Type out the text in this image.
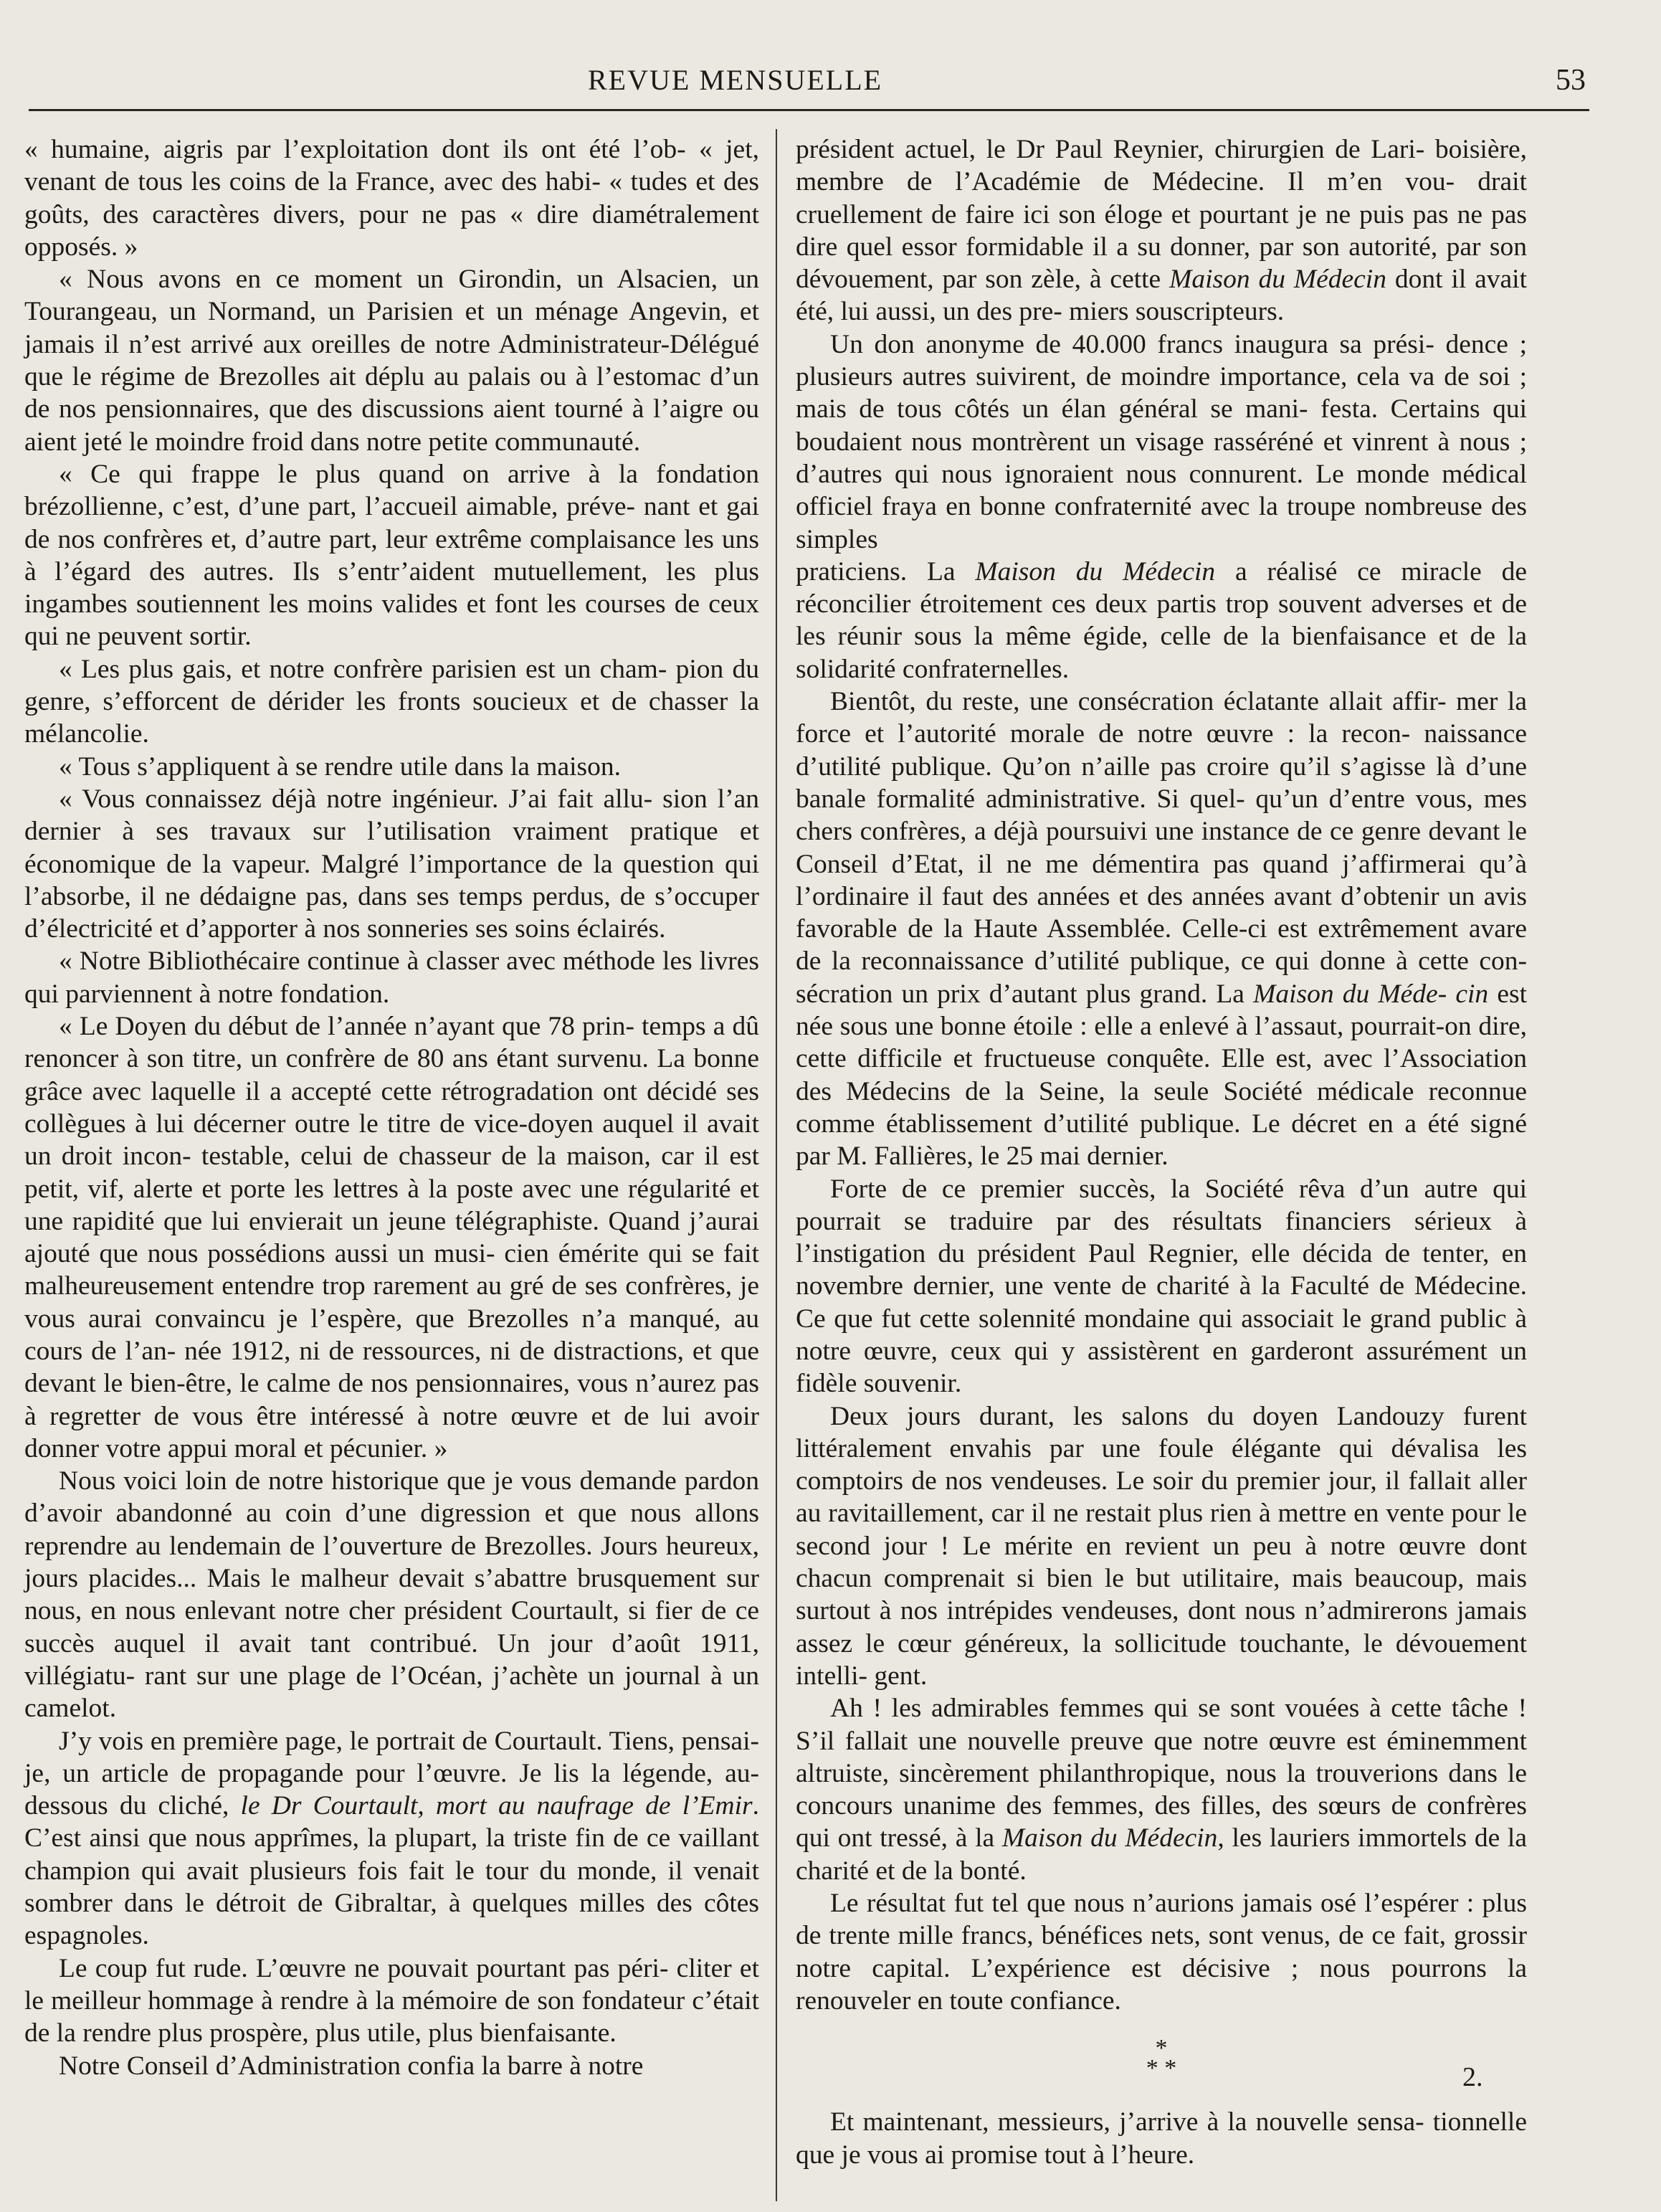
REVUE MENSUELLE	53

« humaine, aigris par l’exploitation dont ils ont été l’ob- « jet, venant de tous les coins de la France, avec des habi- « tudes et des goûts, des caractères divers, pour ne pas « dire diamétralement opposés. »

« Nous avons en ce moment un Girondin, un Alsacien, un Tourangeau, un Normand, un Parisien et un ménage Angevin, et jamais il n’est arrivé aux oreilles de notre Administrateur-Délégué que le régime de Brezolles ait déplu au palais ou à l’estomac d’un de nos pensionnaires, que des discussions aient tourné à l’aigre ou aient jeté le moindre froid dans notre petite communauté.

« Ce qui frappe le plus quand on arrive à la fondation brézollienne, c’est, d’une part, l’accueil aimable, préve- nant et gai de nos confrères et, d’autre part, leur extrême complaisance les uns à l’égard des autres. Ils s’entr’aident mutuellement, les plus ingambes soutiennent les moins valides et font les courses de ceux qui ne peuvent sortir.

« Les plus gais, et notre confrère parisien est un cham- pion du genre, s’efforcent de dérider les fronts soucieux et de chasser la mélancolie.

« Tous s’appliquent à se rendre utile dans la maison.

« Vous connaissez déjà notre ingénieur. J’ai fait allu- sion l’an dernier à ses travaux sur l’utilisation vraiment pratique et économique de la vapeur. Malgré l’importance de la question qui l’absorbe, il ne dédaigne pas, dans ses temps perdus, de s’occuper d’électricité et d’apporter à nos sonneries ses soins éclairés.

« Notre Bibliothécaire continue à classer avec méthode les livres qui parviennent à notre fondation.

« Le Doyen du début de l’année n’ayant que 78 prin- temps a dû renoncer à son titre, un confrère de 80 ans étant survenu. La bonne grâce avec laquelle il a accepté cette rétrogradation ont décidé ses collègues à lui décerner outre le titre de vice-doyen auquel il avait un droit incon- testable, celui de chasseur de la maison, car il est petit, vif, alerte et porte les lettres à la poste avec une régularité et une rapidité que lui envierait un jeune télégraphiste. Quand j’aurai ajouté que nous possédions aussi un musi- cien émérite qui se fait malheureusement entendre trop rarement au gré de ses confrères, je vous aurai convaincu je l’espère, que Brezolles n’a manqué, au cours de l’an- née 1912, ni de ressources, ni de distractions, et que devant le bien-être, le calme de nos pensionnaires, vous n’aurez pas à regretter de vous être intéressé à notre œuvre et de lui avoir donner votre appui moral et pécunier. »

Nous voici loin de notre historique que je vous demande pardon d’avoir abandonné au coin d’une digression et que nous allons reprendre au lendemain de l’ouverture de Brezolles. Jours heureux, jours placides... Mais le malheur devait s’abattre brusquement sur nous, en nous enlevant notre cher président Courtault, si fier de ce succès auquel il avait tant contribué. Un jour d’août 1911, villégiatu- rant sur une plage de l’Océan, j’achète un journal à un camelot.

J’y vois en première page, le portrait de Courtault. Tiens, pensai-je, un article de propagande pour l’œuvre. Je lis la légende, au-dessous du cliché, le Dr Courtault, mort au naufrage de l’Emir. C’est ainsi que nous apprîmes, la plupart, la triste fin de ce vaillant champion qui avait plusieurs fois fait le tour du monde, il venait sombrer dans le détroit de Gibraltar, à quelques milles des côtes espagnoles.

Le coup fut rude. L’œuvre ne pouvait pourtant pas péri- cliter et le meilleur hommage à rendre à la mémoire de son fondateur c’était de la rendre plus prospère, plus utile, plus bienfaisante.

Notre Conseil d’Administration confia la barre à notre

président actuel, le Dr Paul Reynier, chirurgien de Lari- boisière, membre de l’Académie de Médecine. Il m’en vou- drait cruellement de faire ici son éloge et pourtant je ne puis pas ne pas dire quel essor formidable il a su donner, par son autorité, par son dévouement, par son zèle, à cette Maison du Médecin dont il avait été, lui aussi, un des pre- miers souscripteurs.

Un don anonyme de 40.000 francs inaugura sa prési- dence ; plusieurs autres suivirent, de moindre importance, cela va de soi ; mais de tous côtés un élan général se mani- festa. Certains qui boudaient nous montrèrent un visage rasséréné et vinrent à nous ; d’autres qui nous ignoraient nous connurent. Le monde médical officiel fraya en bonne confraternité avec la troupe nombreuse des simples

praticiens. La Maison du Médecin a réalisé ce miracle de réconcilier étroitement ces deux partis trop souvent adverses et de les réunir sous la même égide, celle de la bienfaisance et de la solidarité confraternelles.

Bientôt, du reste, une consécration éclatante allait affir- mer la force et l’autorité morale de notre œuvre : la recon- naissance d’utilité publique. Qu’on n’aille pas croire qu’il s’agisse là d’une banale formalité administrative. Si quel- qu’un d’entre vous, mes chers confrères, a déjà poursuivi une instance de ce genre devant le Conseil d’Etat, il ne me démentira pas quand j’affirmerai qu’à l’ordinaire il faut des années et des années avant d’obtenir un avis favorable de la Haute Assemblée. Celle-ci est extrêmement avare de la reconnaissance d’utilité publique, ce qui donne à cette con- sécration un prix d’autant plus grand. La Maison du Méde- cin est née sous une bonne étoile : elle a enlevé à l’assaut, pourrait-on dire, cette difficile et fructueuse conquête. Elle est, avec l’Association des Médecins de la Seine, la seule Société médicale reconnue comme établissement d’utilité publique. Le décret en a été signé par M. Fallières, le 25 mai dernier.

Forte de ce premier succès, la Société rêva d’un autre qui pourrait se traduire par des résultats financiers sérieux à l’instigation du président Paul Regnier, elle décida de tenter, en novembre dernier, une vente de charité à la Faculté de Médecine. Ce que fut cette solennité mondaine qui associait le grand public à notre œuvre, ceux qui y assistèrent en garderont assurément un fidèle souvenir.

Deux jours durant, les salons du doyen Landouzy furent littéralement envahis par une foule élégante qui dévalisa les comptoirs de nos vendeuses. Le soir du premier jour, il fallait aller au ravitaillement, car il ne restait plus rien à mettre en vente pour le second jour ! Le mérite en revient un peu à notre œuvre dont chacun comprenait si bien le but utilitaire, mais beaucoup, mais surtout à nos intrépides vendeuses, dont nous n’admirerons jamais assez le cœur généreux, la sollicitude touchante, le dévouement intelli- gent.

Ah ! les admirables femmes qui se sont vouées à cette tâche ! S’il fallait une nouvelle preuve que notre œuvre est éminemment altruiste, sincèrement philanthropique, nous la trouverions dans le concours unanime des femmes, des filles, des sœurs de confrères qui ont tressé, à la Maison du Médecin, les lauriers immortels de la charité et de la bonté.

Le résultat fut tel que nous n’aurions jamais osé l’espérer : plus de trente mille francs, bénéfices nets, sont venus, de ce fait, grossir notre capital. L’expérience est décisive ; nous pourrons la renouveler en toute confiance.

*
* *

Et maintenant, messieurs, j’arrive à la nouvelle sensa- tionnelle que je vous ai promise tout à l’heure.

2.
